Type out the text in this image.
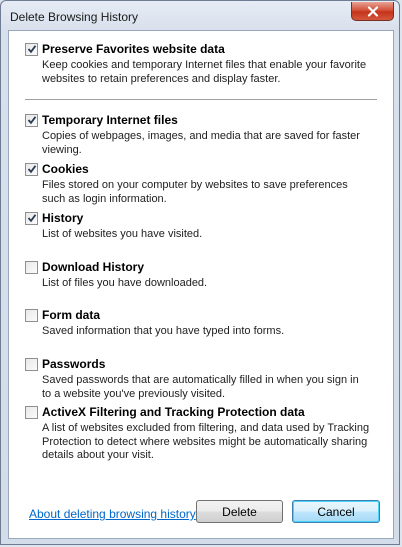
Delete Browsing History
Preserve Favorites website data
Keep cookies and temporary Internet files that enable your favorite
websites to retain preferences and display faster.
Temporary Internet files
Copies of webpages, images, and media that are saved for faster
viewing.
Cookies
Files stored on your computer by websites to save preferences
such as login information.
History
List of websites you have visited.
Download History
List of files you have downloaded.
Form data
Saved information that you have typed into forms.
Passwords
Saved passwords that are automatically filled in when you sign in
to a website you've previously visited.
ActiveX Filtering and Tracking Protection data
A list of websites excluded from filtering, and data used by Tracking
Protection to detect where websites might be automatically sharing
details about your visit.
About deleting browsing history	Delete	Cancel
